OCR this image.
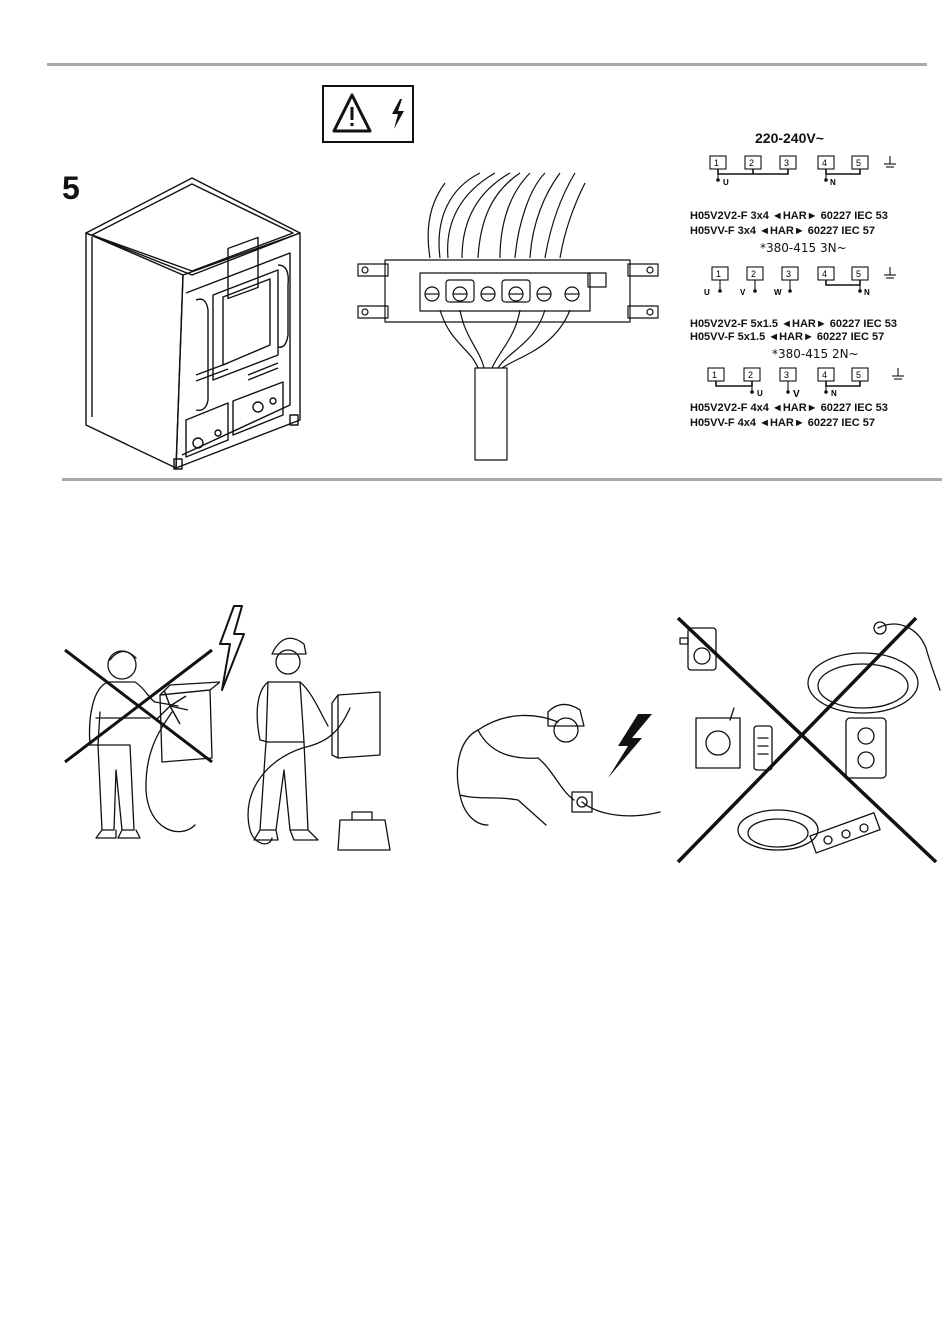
5
220-240V~
1	2	3	4	5
U	N
H05V2V2-F 3x4 ◄HAR► 60227 IEC 53
H05VV-F 3x4 ◄HAR► 60227 IEC 57
*380-415 3N~
1	2	3	4	5
U	V	W	N
H05V2V2-F 5x1.5 ◄HAR► 60227 IEC 53
H05VV-F 5x1.5 ◄HAR► 60227 IEC 57
*380-415 2N~
1	2	3	4	5
U	V	N
H05V2V2-F 4x4 ◄HAR► 60227 IEC 53
H05VV-F 4x4 ◄HAR► 60227 IEC 57
